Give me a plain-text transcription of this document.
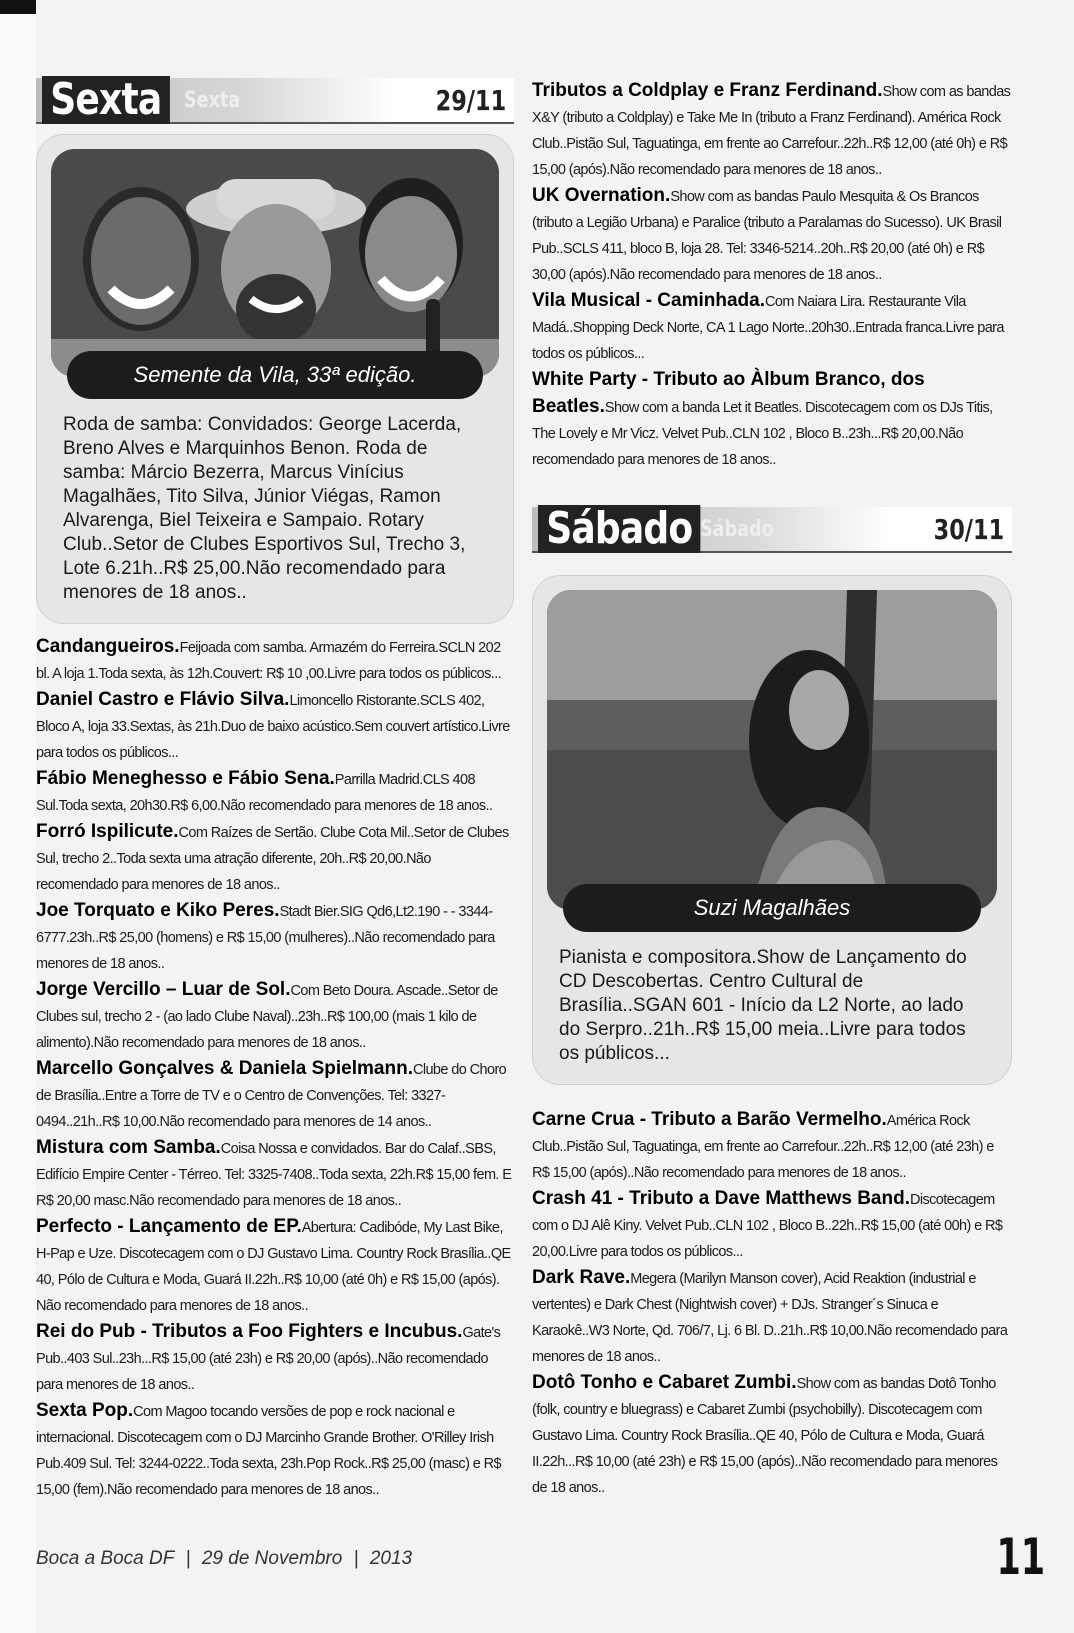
Sexta	Sexta	29/11
Semente da Vila, 33ª edição.
Roda de samba: Convidados: George Lacerda, Breno Alves e Marquinhos Benon. Roda de samba: Márcio Bezerra, Marcus Vinícius Magalhães, Tito Silva, Júnior Viégas, Ramon Alvarenga, Biel Teixeira e Sampaio. Rotary Club..Setor de Clubes Esportivos Sul, Trecho 3, Lote 6.21h..R$ 25,00.Não recomendado para menores de 18 anos..

Candangueiros.Feijoada com samba. Armazém do Ferreira.SCLN 202 bl. A loja 1.Toda sexta, às 12h.Couvert: R$ 10 ,00.Livre para todos os públicos...

Daniel Castro e Flávio Silva.Limoncello Ristorante.SCLS 402, Bloco A, loja 33.Sextas, às 21h.Duo de baixo acústico.Sem couvert artístico.Livre para todos os públicos...

Fábio Meneghesso e Fábio Sena.Parrilla Madrid.CLS 408 Sul.Toda sexta, 20h30.R$ 6,00.Não recomendado para menores de 18 anos..

Forró Ispilicute.Com Raízes de Sertão. Clube Cota Mil..Setor de Clubes Sul, trecho 2..Toda sexta uma atração diferente, 20h..R$ 20,00.Não recomendado para menores de 18 anos..

Joe Torquato e Kiko Peres.Stadt Bier.SIG Qd6,Lt2.190 - - 3344-6777.23h..R$ 25,00 (homens) e R$ 15,00 (mulheres)..Não recomendado para menores de 18 anos..

Jorge Vercillo – Luar de Sol.Com Beto Doura. Ascade..Setor de Clubes sul, trecho 2 - (ao lado Clube Naval)..23h..R$ 100,00 (mais 1 kilo de alimento).Não recomendado para menores de 18 anos..

Marcello Gonçalves & Daniela Spielmann.Clube do Choro de Brasília..Entre a Torre de TV e o Centro de Convenções. Tel: 3327-0494..21h..R$ 10,00.Não recomendado para menores de 14 anos..

Mistura com Samba.Coisa Nossa e convidados. Bar do Calaf..SBS, Edifício Empire Center - Térreo. Tel: 3325-7408..Toda sexta, 22h.R$ 15,00 fem. E R$ 20,00 masc.Não recomendado para menores de 18 anos..

Perfecto - Lançamento de EP.Abertura: Cadibóde, My Last Bike, H-Pap e Uze. Discotecagem com o DJ Gustavo Lima. Country Rock Brasília..QE 40, Pólo de Cultura e Moda, Guará II.22h..R$ 10,00 (até 0h) e R$ 15,00 (após). Não recomendado para menores de 18 anos..

Rei do Pub - Tributos a Foo Fighters e Incubus.Gate's Pub..403 Sul..23h...R$ 15,00 (até 23h) e R$ 20,00 (após)..Não recomendado para menores de 18 anos..

Sexta Pop.Com Magoo tocando versões de pop e rock nacional e internacional. Discotecagem com o DJ Marcinho Grande Brother. O'Rilley Irish Pub.409 Sul. Tel: 3244-0222..Toda sexta, 23h.Pop Rock..R$ 25,00 (masc) e R$ 15,00 (fem).Não recomendado para menores de 18 anos..

Tributos a Coldplay e Franz Ferdinand.Show com as bandas X&Y (tributo a Coldplay) e Take Me In (tributo a Franz Ferdinand). América Rock Club..Pistão Sul, Taguatinga, em frente ao Carrefour..22h..R$ 12,00 (até 0h) e R$ 15,00 (após).Não recomendado para menores de 18 anos..

UK Overnation.Show com as bandas Paulo Mesquita & Os Brancos (tributo a Legião Urbana) e Paralice (tributo a Paralamas do Sucesso). UK Brasil Pub..SCLS 411, bloco B, loja 28. Tel: 3346-5214..20h..R$ 20,00 (até 0h) e R$ 30,00 (após).Não recomendado para menores de 18 anos..

Vila Musical - Caminhada.Com Naiara Lira. Restaurante Vila Madá..Shopping Deck Norte, CA 1 Lago Norte..20h30..Entrada franca.Livre para todos os públicos...

White Party - Tributo ao Àlbum Branco, dos Beatles.Show com a banda Let it Beatles. Discotecagem com os DJs Titis, The Lovely e Mr Vicz. Velvet Pub..CLN 102 , Bloco B..23h...R$ 20,00.Não recomendado para menores de 18 anos..

Sábado Sábado	30/11
Suzi Magalhães
Pianista e compositora.Show de Lançamento do CD Descobertas. Centro Cultural de Brasília..SGAN 601 - Início da L2 Norte, ao lado do Serpro..21h..R$ 15,00 meia..Livre para todos os públicos...

Carne Crua - Tributo a Barão Vermelho.América Rock Club..Pistão Sul, Taguatinga, em frente ao Carrefour..22h..R$ 12,00 (até 23h) e R$ 15,00 (após)..Não recomendado para menores de 18 anos..

Crash 41 - Tributo a Dave Matthews Band.Discotecagem com o DJ Alê Kiny. Velvet Pub..CLN 102 , Bloco B..22h..R$ 15,00 (até 00h) e R$ 20,00.Livre para todos os públicos...

Dark Rave.Megera (Marilyn Manson cover), Acid Reaktion (industrial e vertentes) e Dark Chest (Nightwish cover) + DJs. Stranger´s Sinuca e Karaokê..W3 Norte, Qd. 706/7, Lj. 6 Bl. D..21h..R$ 10,00.Não recomendado para menores de 18 anos..

Dotô Tonho e Cabaret Zumbi.Show com as bandas Dotô Tonho (folk, country e bluegrass) e Cabaret Zumbi (psychobilly). Discotecagem com Gustavo Lima. Country Rock Brasília..QE 40, Pólo de Cultura e Moda, Guará II.22h...R$ 10,00 (até 23h) e R$ 15,00 (após)..Não recomendado para menores de 18 anos..

Boca a Boca DF | 29 de Novembro | 2013	11
